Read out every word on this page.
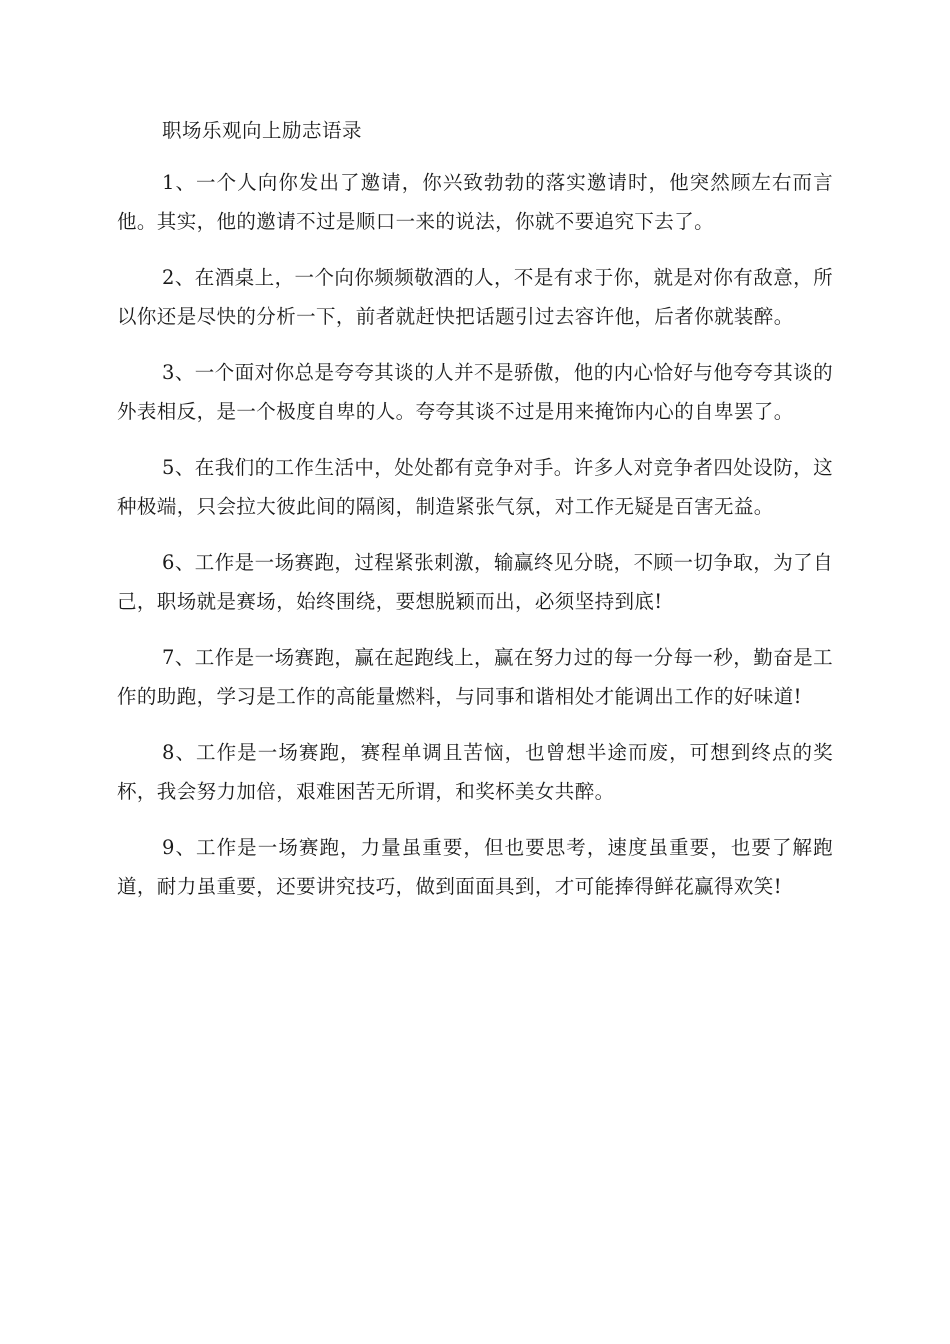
职场乐观向上励志语录

1、一个人向你发出了邀请，你兴致勃勃的落实邀请时，他突然顾左右而言他。其实，他的邀请不过是顺口一来的说法，你就不要追究下去了。

2、在酒桌上，一个向你频频敬酒的人，不是有求于你，就是对你有敌意，所以你还是尽快的分析一下，前者就赶快把话题引过去容许他，后者你就装醉。

3、一个面对你总是夸夸其谈的人并不是骄傲，他的内心恰好与他夸夸其谈的外表相反，是一个极度自卑的人。夸夸其谈不过是用来掩饰内心的自卑罢了。

5、在我们的工作生活中，处处都有竞争对手。许多人对竞争者四处设防，这种极端，只会拉大彼此间的隔阂，制造紧张气氛，对工作无疑是百害无益。

6、工作是一场赛跑，过程紧张刺激，输赢终见分晓，不顾一切争取，为了自己，职场就是赛场，始终围绕，要想脱颖而出，必须坚持到底!

7、工作是一场赛跑，赢在起跑线上，赢在努力过的每一分每一秒，勤奋是工作的助跑，学习是工作的高能量燃料，与同事和谐相处才能调出工作的好味道!

8、工作是一场赛跑，赛程单调且苦恼，也曾想半途而废，可想到终点的奖杯，我会努力加倍，艰难困苦无所谓，和奖杯美女共醉。

9、工作是一场赛跑，力量虽重要，但也要思考，速度虽重要，也要了解跑道，耐力虽重要，还要讲究技巧，做到面面具到，才可能捧得鲜花赢得欢笑!
